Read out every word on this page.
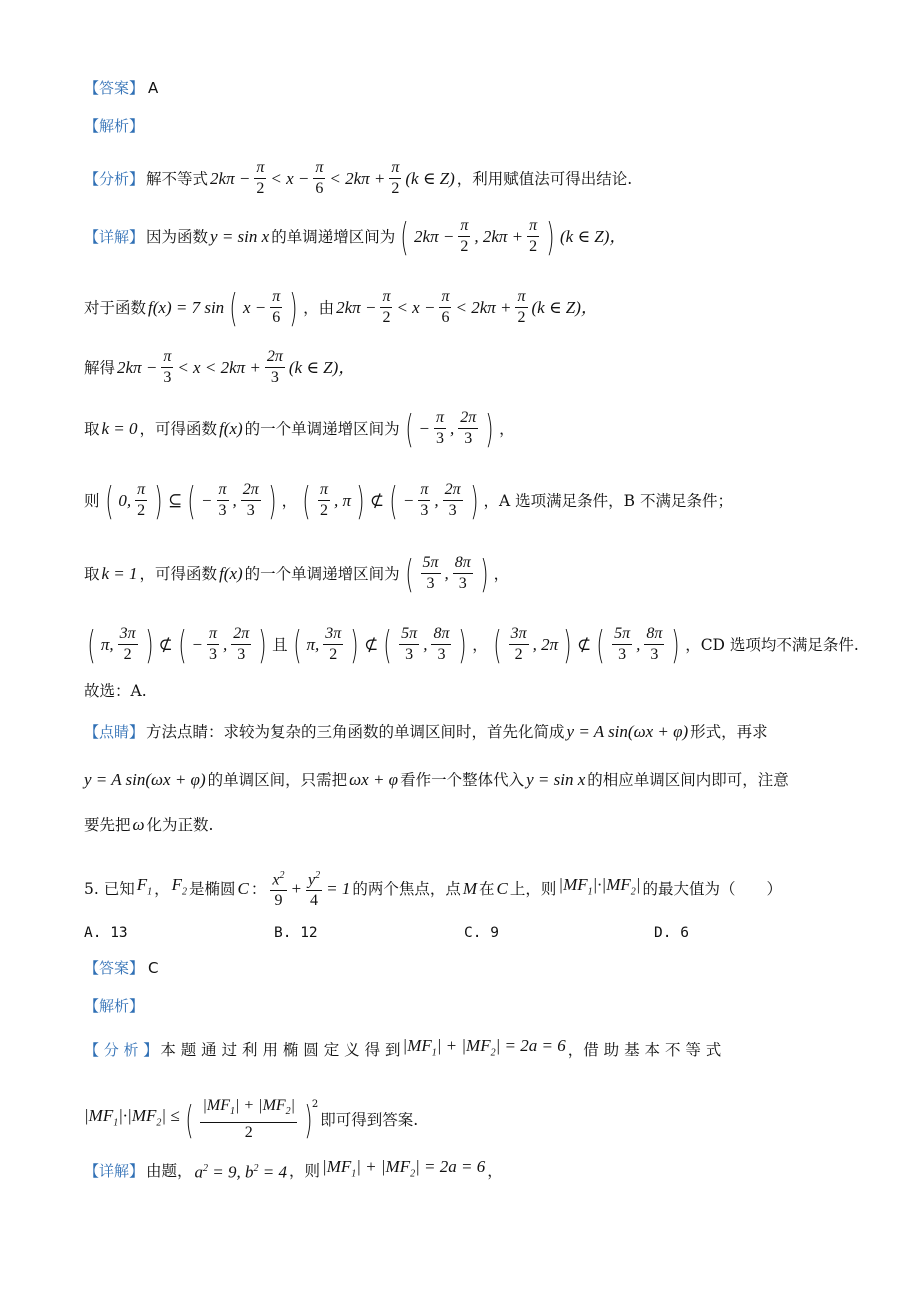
【答案】 A
【解析】
【分析】 解不等式 $2k\pi - \frac{\pi}{2} < x - \frac{\pi}{6} < 2k\pi + \frac{\pi}{2} (k$ ∈ Z) ，利用赋值法可得出结论.
【详解】 因为函数 y = sin x 的单调递增区间为 ( $2k\pi - \frac{\pi}{2}$ , $2k\pi + \frac{\pi}{2}$ ) (k ∈ Z)，
对于函数 f(x) = 7 sin ( $x - \frac{\pi}{6}$ ) ，由 $2k\pi - \frac{\pi}{2} < x - \frac{\pi}{6} < 2k\pi + \frac{\pi}{2} (k$ ∈ Z)，
解得 $2k\pi - \frac{\pi}{3} < x < 2k\pi + \frac{2\pi}{3} (k$ ∈ Z)，
取 k = 0 ，可得函数 f(x) 的一个单调递增区间为 ( − $\frac{\pi}{3}$ , $\frac{2\pi}{3}$ ) ，
则 ( 0, $\frac{\pi}{2}$ ) ⊆ ( − $\frac{\pi}{3}$ , $\frac{2\pi}{3}$ ) ， ( $\frac{\pi}{2}$ , π ) ⊄ ( − $\frac{\pi}{3}$ , $\frac{2\pi}{3}$ ) ，A 选项满足条件，B 不满足条件；
取 k = 1 ，可得函数 f(x) 的一个单调递增区间为 ( $\frac{5\pi}{3}$ , $\frac{8\pi}{3}$ ) ，
( π, $\frac{3\pi}{2}$ ) ⊄ ( − $\frac{\pi}{3}$ , $\frac{2\pi}{3}$ ) 且 ( π, $\frac{3\pi}{2}$ ) ⊄ ( $\frac{5\pi}{3}$ , $\frac{8\pi}{3}$ ) ， ( $\frac{3\pi}{2}$ , 2π ) ⊄ ( $\frac{5\pi}{3}$ , $\frac{8\pi}{3}$ ) ，CD 选项均不满足条件.
故选：A.
【点睛】 方法点睛：求较为复杂的三角函数的单调区间时，首先化简成 y = A sin(ωx + φ) 形式，再求
y = A sin(ωx + φ) 的单调区间，只需把 ωx + φ 看作一个整体代入 y = sin x 的相应单调区间内即可，注意
要先把 ω 化为正数.
5. 已知 $F_1$ ， $F_2$ 是椭圆 C ： $\frac{x^2}{9} + \frac{y^2}{4} = 1$ 的两个焦点，点 M 在 C 上，则 $|MF_1|\cdot|MF_2|$ 的最大值为（　　）
A. 13	B. 12	C. 9	D. 6
【答案】 C
【解析】
【 分 析 】 本 题 通 过 利 用 椭 圆 定 义 得 到 $|MF_1| + |MF_2| = 2a = 6$ ，借 助 基 本 不 等 式
$|MF_1|\cdot|MF_2|$ ≤ ( $\frac{|MF_1| + |MF_2|}{2} )^2$
即可得到答案.
【详解】 由题， $a^2 = 9$, $b^2 = 4$ ，则 $|MF_1| + |MF_2| = 2a = 6$ ，
